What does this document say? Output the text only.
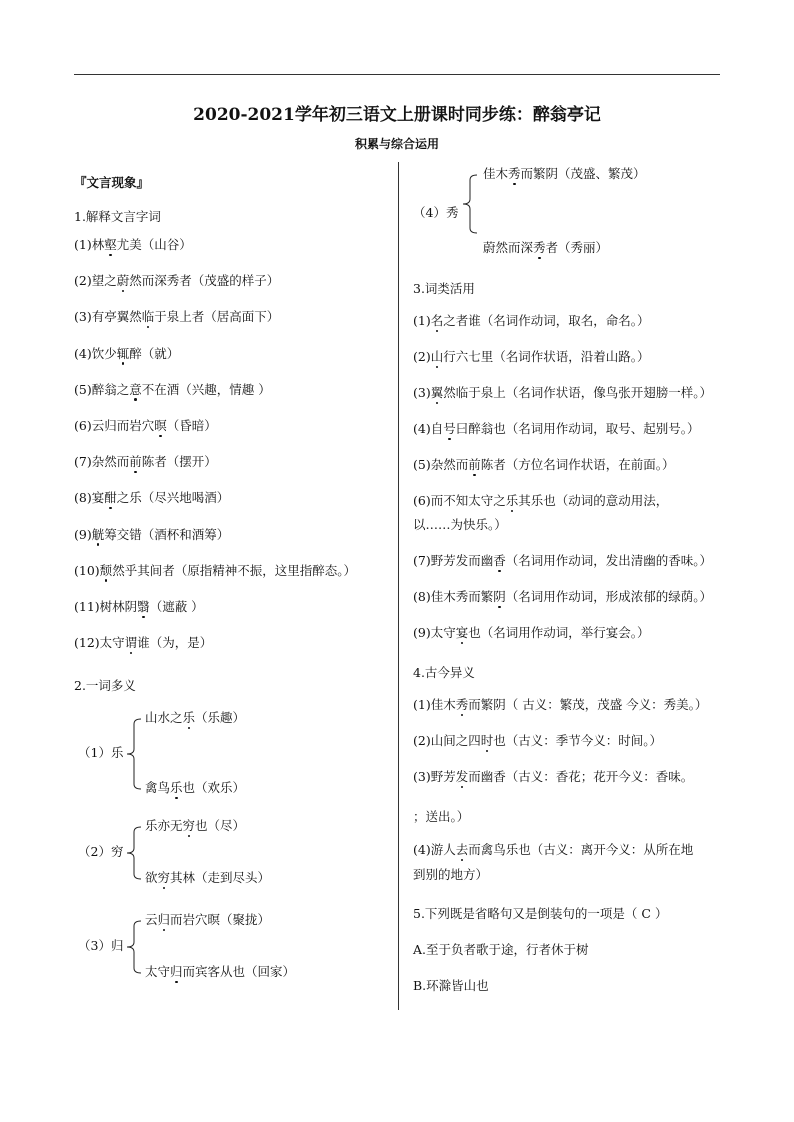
2020-2021学年初三语文上册课时同步练：醉翁亭记
积累与综合运用
『文言现象』
1.解释文言字词
(1)林壑尤美（山谷）
(2)望之蔚然而深秀者（茂盛的样子）
(3)有亭翼然临于泉上者（居高面下）
(4)饮少辄醉（就）
(5)醉翁之意不在酒（兴趣，情趣 ）
(6)云归而岩穴暝（昏暗）
(7)杂然而前陈者（摆开）
(8)宴酣之乐（尽兴地喝酒）
(9)觥筹交错（酒杯和酒筹）
(10)颓然乎其间者（原指精神不振，这里指醉态。）
(11)树林阴翳（遮蔽 ）
(12)太守谓谁（为，是）
2.一词多义
（1）乐
山水之乐（乐趣）
禽鸟乐也（欢乐）
（2）穷
乐亦无穷也（尽）
欲穷其林（走到尽头）
（3）归
云归而岩穴暝（聚拢）
太守归而宾客从也（回家）
（4）秀
佳木秀而繁阴（茂盛、繁茂）
蔚然而深秀者（秀丽）
3.词类活用
(1)名之者谁（名词作动词，取名，命名。）
(2)山行六七里（名词作状语，沿着山路。）
(3)翼然临于泉上（名词作状语，像鸟张开翅膀一样。）
(4)自号曰醉翁也（名词用作动词，取号、起别号。）
(5)杂然而前陈者（方位名词作状语，在前面。）
(6)而不知太守之乐其乐也（动词的意动用法，
以……为快乐。）
(7)野芳发而幽香（名词用作动词，发出清幽的香味。）
(8)佳木秀而繁阴（名词用作动词，形成浓郁的绿荫。）
(9)太守宴也（名词用作动词，举行宴会。）
4.古今异义
(1)佳木秀而繁阴（ 古义：繁茂，茂盛 今义：秀美。）
(2)山间之四时也（古义：季节今义：时间。）
(3)野芳发而幽香（古义：香花；花开今义：香味。
；送出。）
(4)游人去而禽鸟乐也（古义：离开今义：从所在地
到别的地方）
5.下列既是省略句又是倒装句的一项是（ C ）
A.至于负者歌于途，行者休于树
B.环滁皆山也
